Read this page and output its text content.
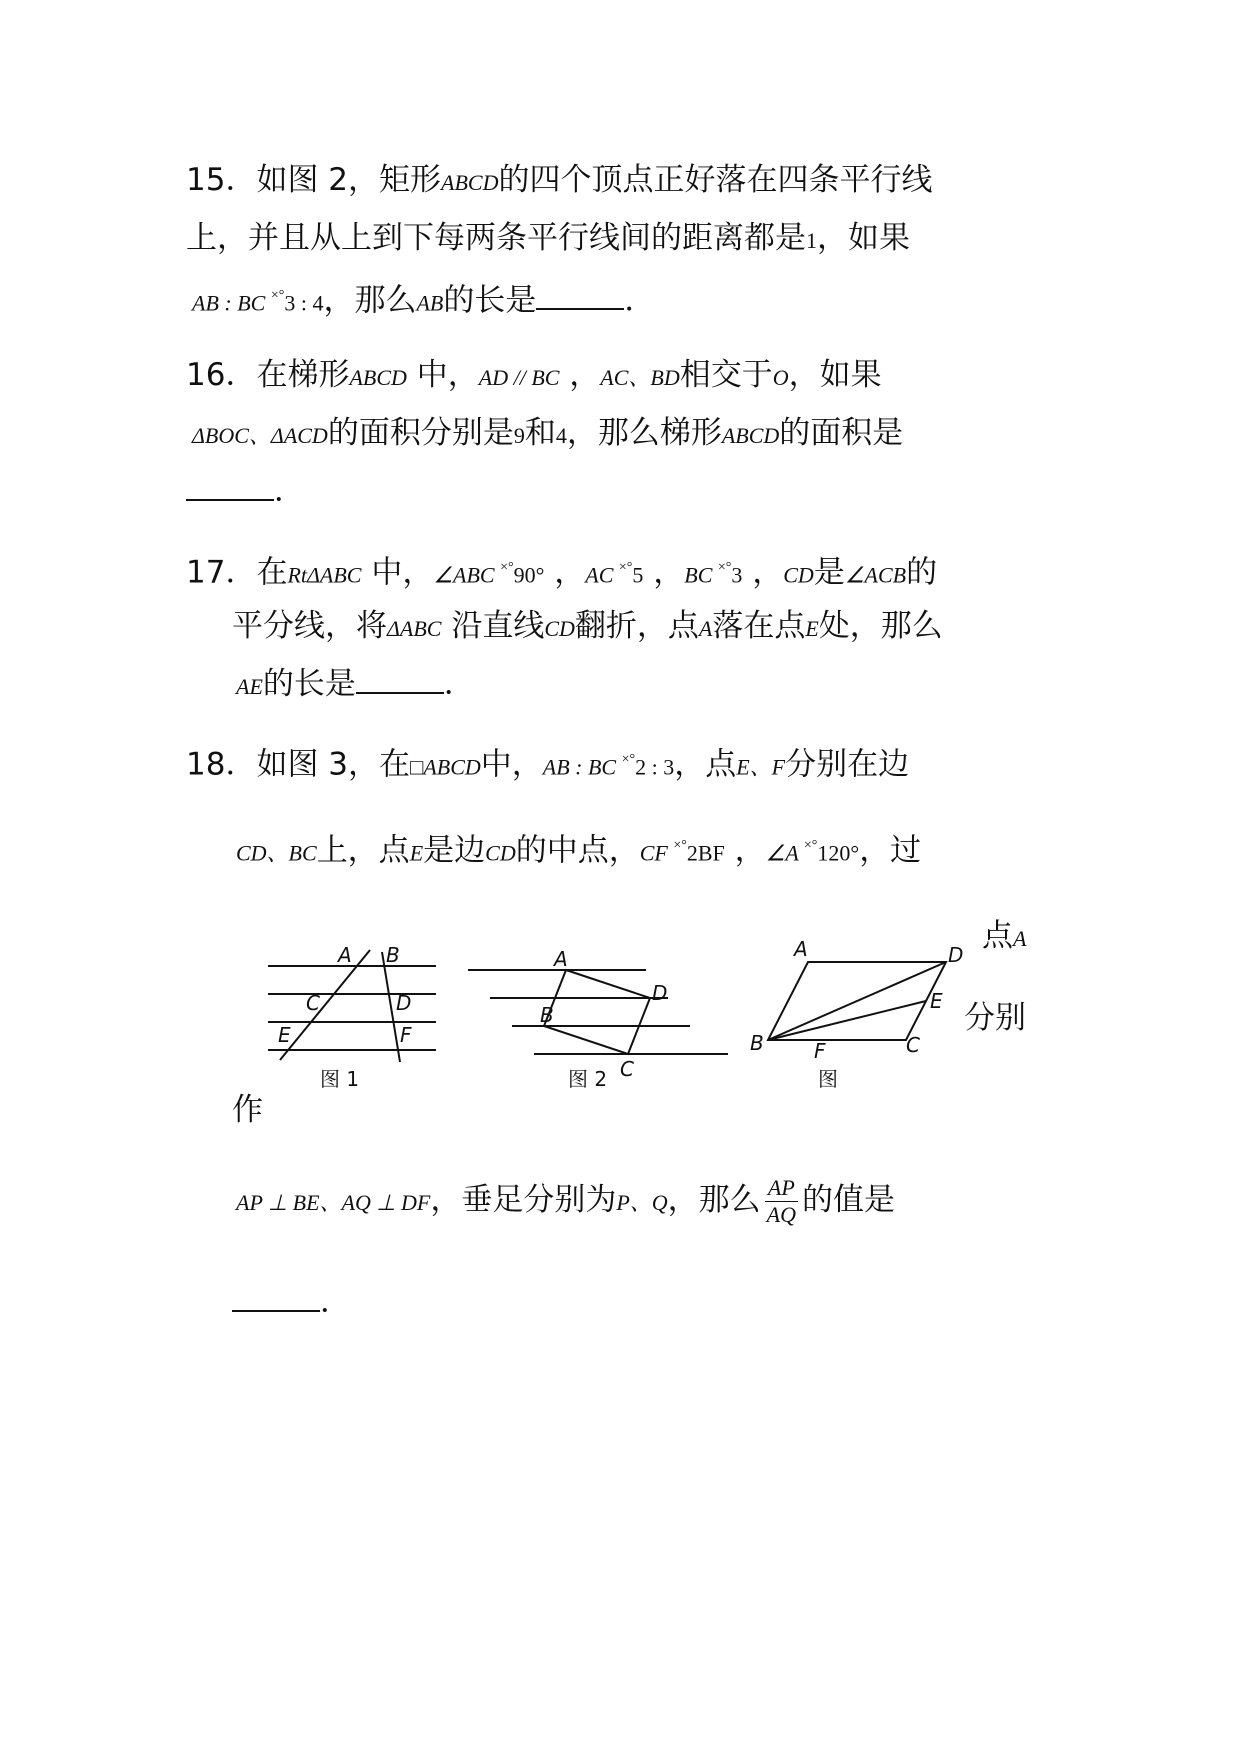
15．如图 2，矩形ABCD的四个顶点正好落在四条平行线
上，并且从上到下每两条平行线间的距离都是1，如果
AB : BC ×°3 : 4，那么AB的长是	．
16．在梯形ABCD 中，AD // BC ，AC、BD相交于O，如果
ΔBOC、ΔACD的面积分别是9和4，那么梯形ABCD的面积是
．
17．在RtΔABC 中，∠ABC ×°90° ，AC ×°5 ，BC ×°3 ，CD是∠ACB的
平分线，将ΔABC 沿直线CD翻折，点A落在点E处，那么
AE的长是	．
18．如图 3，在□ABCD中，AB : BC ×°2 : 3，点E、F分别在边
CD、BC上，点E是边CD的中点，CF ×°2BF ，∠A ×°120°，过
点A
分别
作
AP ⊥ BE、AQ ⊥ DF，垂足分别为P、Q，那么 $\frac{AP}{AQ}$ 的值是
．
A B
C	D
E	F
图 1
A
D
B
C
图 2
A	D
E
B	F	C
图
